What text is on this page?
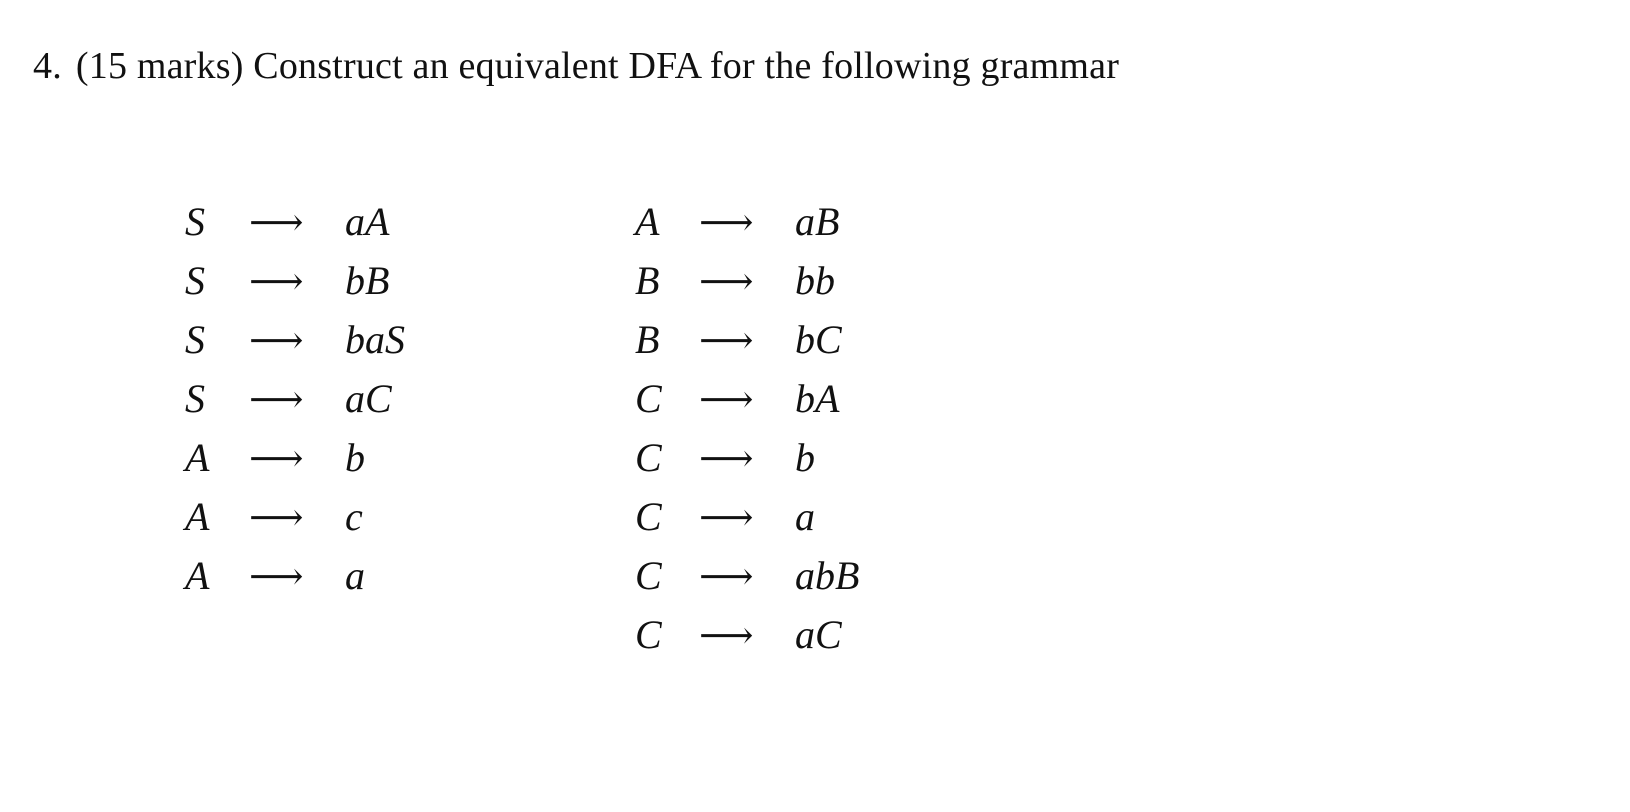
4. (15 marks) Construct an equivalent DFA for the following grammar
S	⟶	aA
S	⟶	bB
S	⟶	baS
S	⟶	aC
A	⟶	b
A	⟶	c
A	⟶	a
A	⟶	aB
B	⟶	bb
B	⟶	bC
C ⟶	bA
C ⟶	b
C ⟶	a
C ⟶	abB
C ⟶	aC
